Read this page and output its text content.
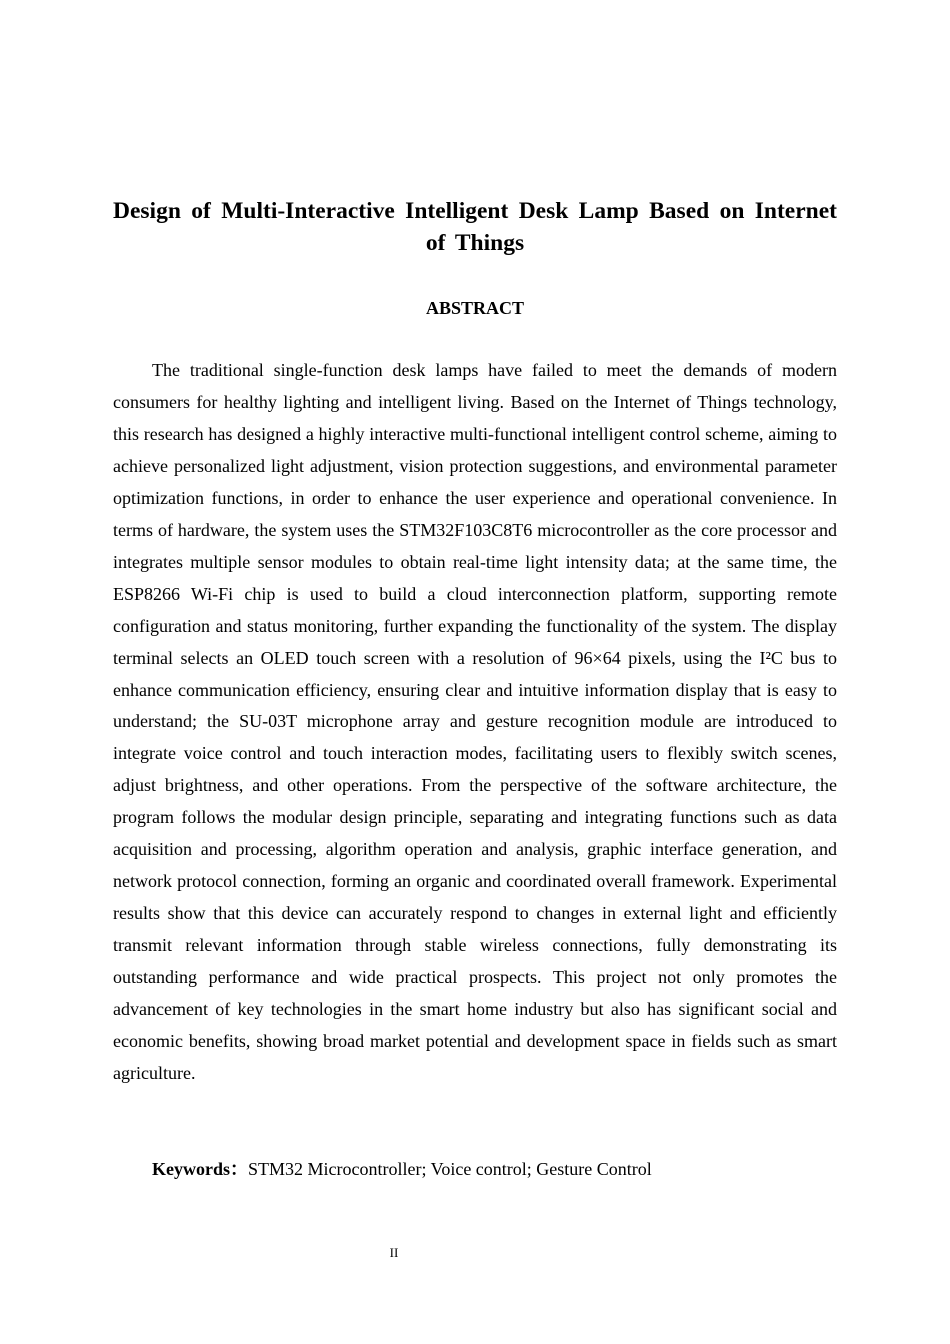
Design of Multi-Interactive Intelligent Desk Lamp Based on Internet of Things
ABSTRACT

The traditional single-function desk lamps have failed to meet the demands of modern consumers for healthy lighting and intelligent living. Based on the Internet of Things technology, this research has designed a highly interactive multi-functional intelligent control scheme, aiming to achieve personalized light adjustment, vision protection suggestions, and environmental parameter optimization functions, in order to enhance the user experience and operational convenience. In terms of hardware, the system uses the STM32F103C8T6 microcontroller as the core processor and integrates multiple sensor modules to obtain real-time light intensity data; at the same time, the ESP8266 Wi-Fi chip is used to build a cloud interconnection platform, supporting remote configuration and status monitoring, further expanding the functionality of the system. The display terminal selects an OLED touch screen with a resolution of 96×64 pixels, using the I²C bus to enhance communication efficiency, ensuring clear and intuitive information display that is easy to understand; the SU-03T microphone array and gesture recognition module are introduced to integrate voice control and touch interaction modes, facilitating users to flexibly switch scenes, adjust brightness, and other operations. From the perspective of the software architecture, the program follows the modular design principle, separating and integrating functions such as data acquisition and processing, algorithm operation and analysis, graphic interface generation, and network protocol connection, forming an organic and coordinated overall framework. Experimental results show that this device can accurately respond to changes in external light and efficiently transmit relevant information through stable wireless connections, fully demonstrating its outstanding performance and wide practical prospects. This project not only promotes the advancement of key technologies in the smart home industry but also has significant social and economic benefits, showing broad market potential and development space in fields such as smart agriculture.

Keywords：STM32 Microcontroller; Voice control; Gesture Control

II
